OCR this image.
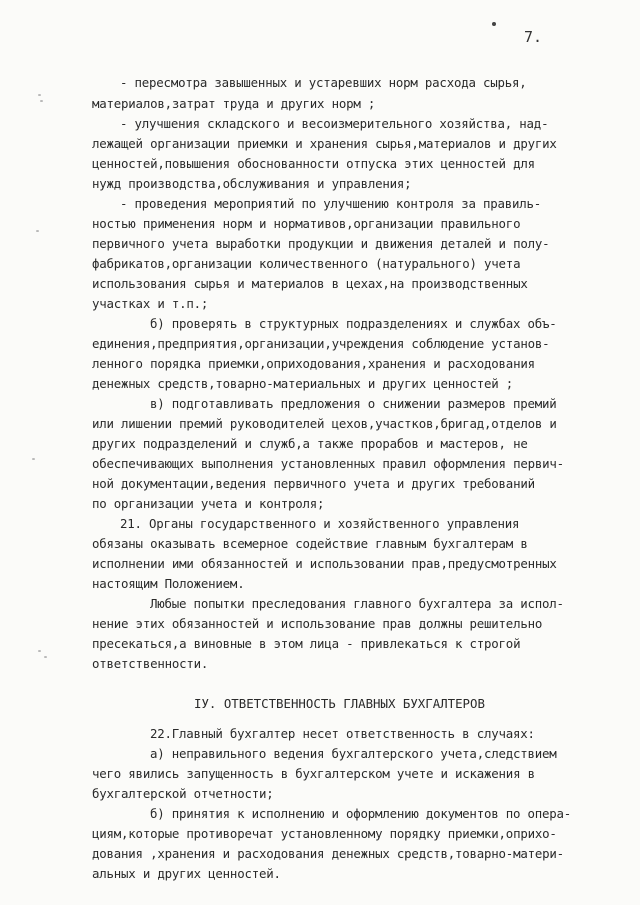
7.
- пересмотра завышенных и устаревших норм расхода сырья,
материалов,затрат труда и других норм ;
- улучшения складского и весоизмерительного хозяйства, над-
лежащей организации приемки и хранения сырья,материалов и других
ценностей,повышения обоснованности отпуска этих ценностей для
нужд производства,обслуживания и управления;
- проведения мероприятий по улучшению контроля за правиль-
ностью применения норм и нормативов,организации правильного
первичного учета выработки продукции и движения деталей и полу-
фабрикатов,организации количественного (натурального) учета
использования сырья и материалов в цехах,на производственных
участках и т.п.;
б) проверять в структурных подразделениях и службах объ-
единения,предприятия,организации,учреждения соблюдение установ-
ленного порядка приемки,оприходования,хранения и расходования
денежных средств,товарно-материальных и других ценностей ;
в) подготавливать предложения о снижении размеров премий
или лишении премий руководителей цехов,участков,бригад,отделов и
других подразделений и служб,а также прорабов и мастеров, не
обеспечивающих выполнения установленных правил оформления первич-
ной документации,ведения первичного учета и других требований
по организации учета и контроля;
21. Органы государственного и хозяйственного управления
обязаны оказывать всемерное содействие главным бухгалтерам в
исполнении ими обязанностей и использовании прав,предусмотренных
настоящим Положением.
Любые попытки преследования главного бухгалтера за испол-
нение этих обязанностей и использование прав должны решительно
пресекаться,а виновные в этом лица - привлекаться к строгой
ответственности.
IУ. ОТВЕТСТВЕННОСТЬ ГЛАВНЫХ БУХГАЛТЕРОВ
22.Главный бухгалтер несет ответственность в случаях:
а) неправильного ведения бухгалтерского учета,следствием
чего явились запущенность в бухгалтерском учете и искажения в
бухгалтерской отчетности;
б) принятия к исполнению и оформлению документов по опера-
циям,которые противоречат установленному порядку приемки,оприхо-
дования ,хранения и расходования денежных средств,товарно-матери-
альных и других ценностей.
